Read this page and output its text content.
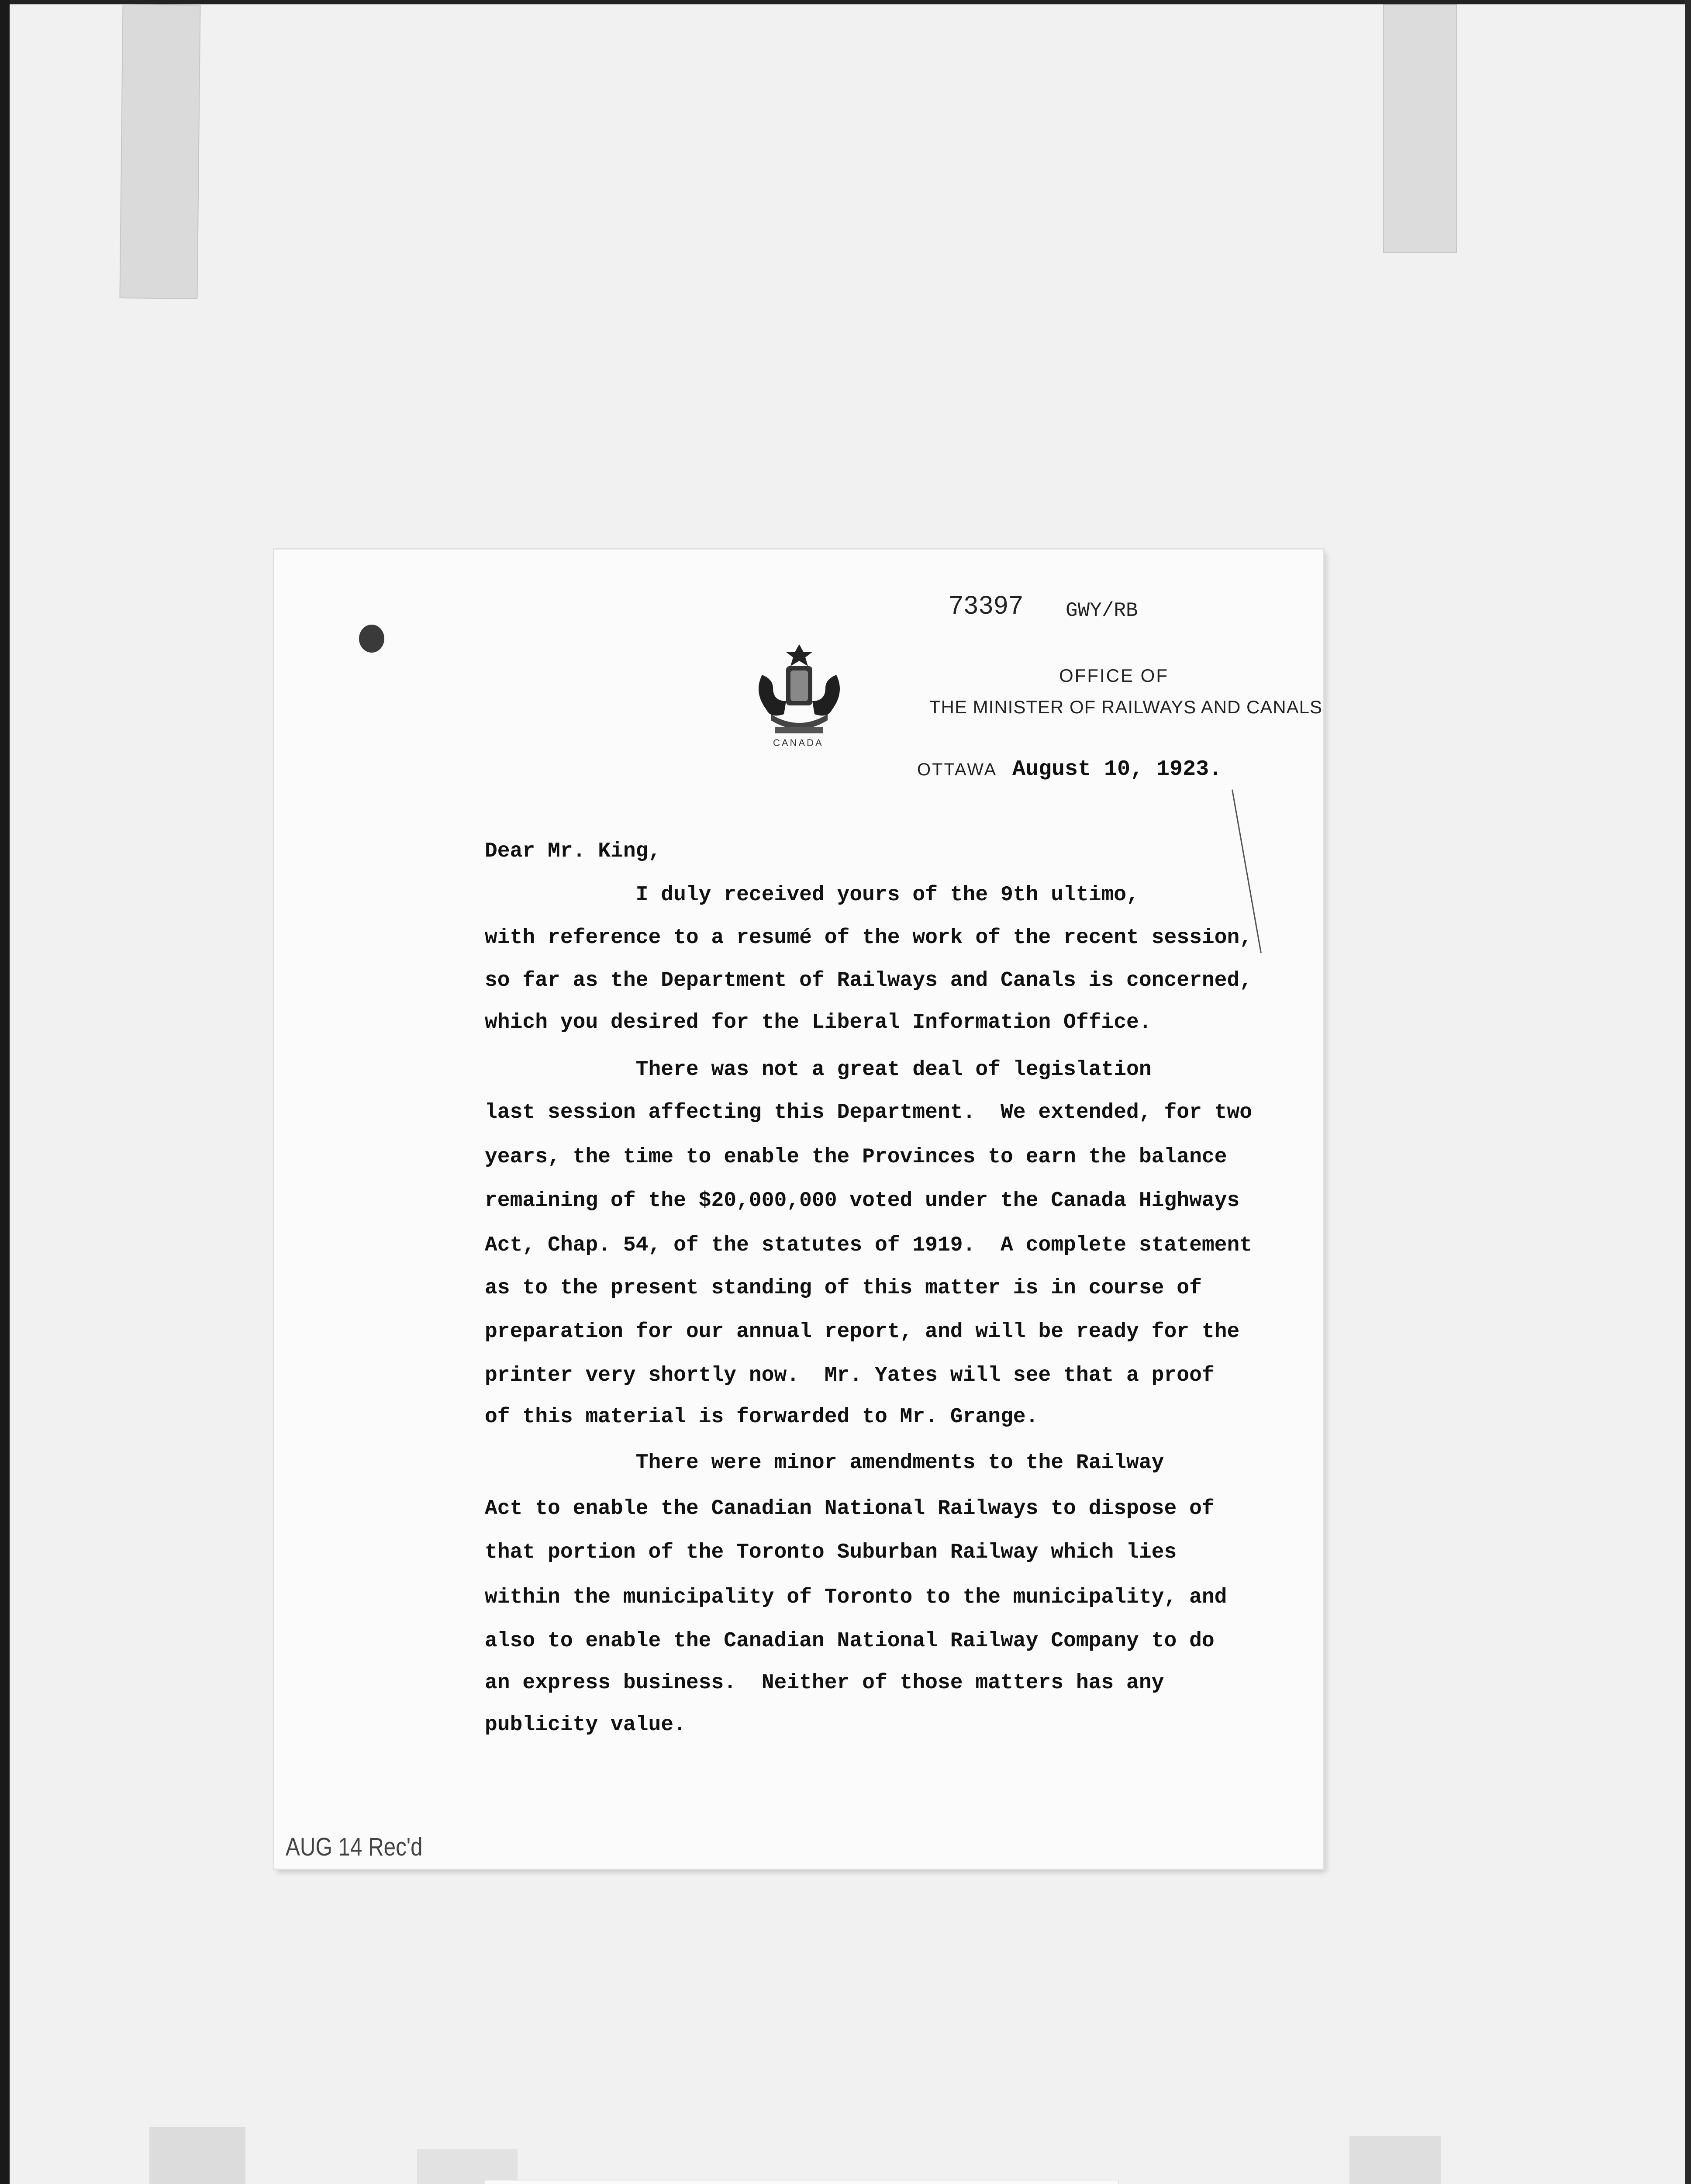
73397 GWY/RB
CANADA
OFFICE OF
THE MINISTER OF RAILWAYS AND CANALS
OTTAWA August 10, 1923.
Dear Mr. King,
I duly received yours of the 9th ultimo,
with reference to a resumé of the work of the recent session,
so far as the Department of Railways and Canals is concerned,
which you desired for the Liberal Information Office.
There was not a great deal of legislation
last session affecting this Department.  We extended, for two
years, the time to enable the Provinces to earn the balance
remaining of the $20,000,000 voted under the Canada Highways
Act, Chap. 54, of the statutes of 1919.  A complete statement
as to the present standing of this matter is in course of
preparation for our annual report, and will be ready for the
printer very shortly now.  Mr. Yates will see that a proof
of this material is forwarded to Mr. Grange.
There were minor amendments to the Railway
Act to enable the Canadian National Railways to dispose of
that portion of the Toronto Suburban Railway which lies
within the municipality of Toronto to the municipality, and
also to enable the Canadian National Railway Company to do
an express business.  Neither of those matters has any
publicity value.
AUG 14 Rec'd
